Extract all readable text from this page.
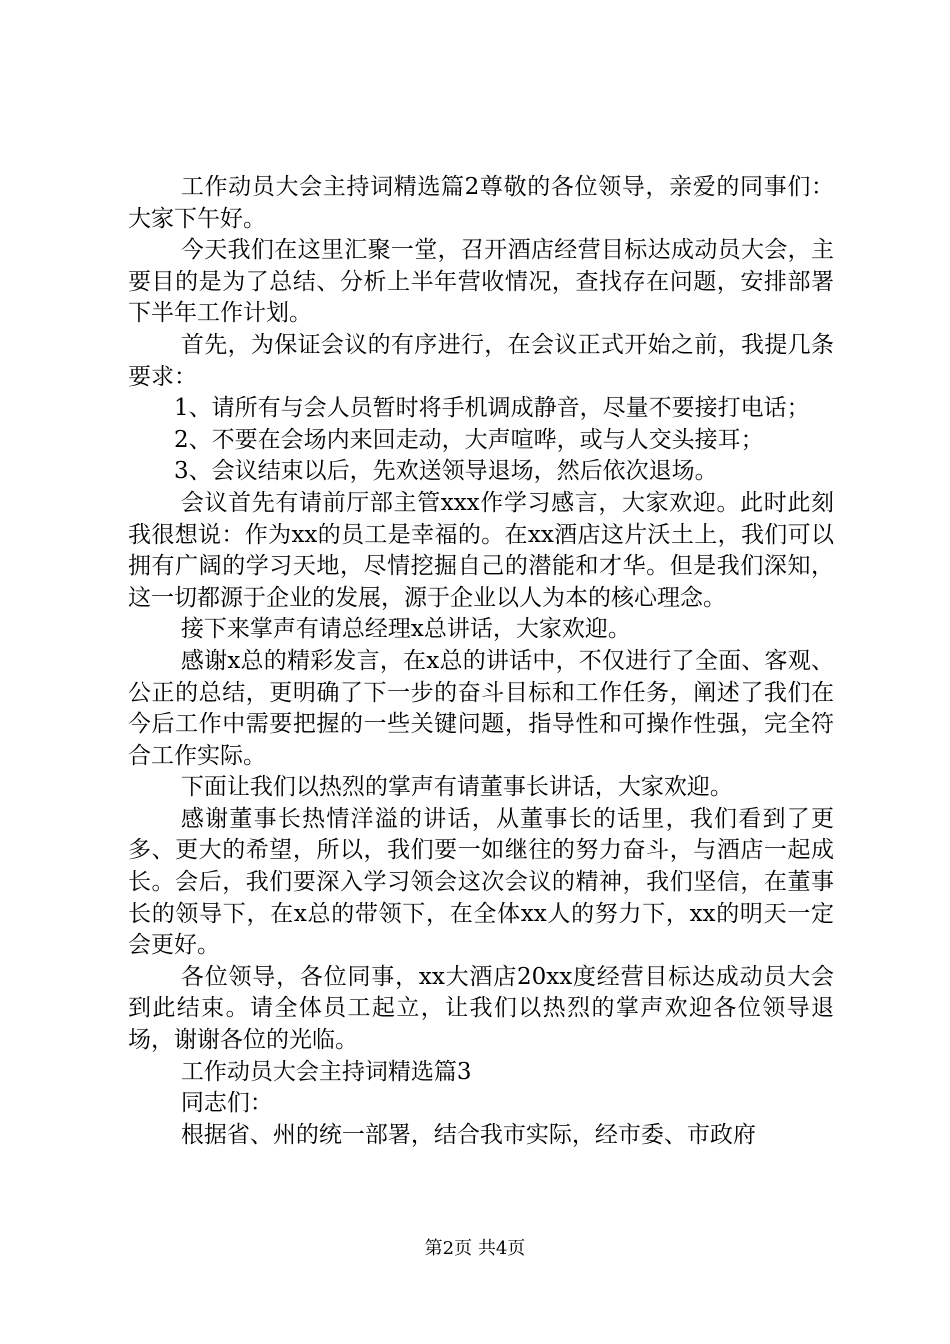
工作动员大会主持词精选篇2尊敬的各位领导，亲爱的同事们：大家下午好。

今天我们在这里汇聚一堂，召开酒店经营目标达成动员大会，主要目的是为了总结、分析上半年营收情况，查找存在问题，安排部署下半年工作计划。

首先，为保证会议的有序进行，在会议正式开始之前，我提几条要求：

1、请所有与会人员暂时将手机调成静音，尽量不要接打电话；

2、不要在会场内来回走动，大声喧哗，或与人交头接耳；

3、会议结束以后，先欢送领导退场，然后依次退场。

会议首先有请前厅部主管xxx作学习感言，大家欢迎。此时此刻我很想说：作为xx的员工是幸福的。在xx酒店这片沃土上，我们可以拥有广阔的学习天地，尽情挖掘自己的潜能和才华。但是我们深知，这一切都源于企业的发展，源于企业以人为本的核心理念。

接下来掌声有请总经理x总讲话，大家欢迎。

感谢x总的精彩发言，在x总的讲话中，不仅进行了全面、客观、公正的总结，更明确了下一步的奋斗目标和工作任务，阐述了我们在今后工作中需要把握的一些关键问题，指导性和可操作性强，完全符合工作实际。

下面让我们以热烈的掌声有请董事长讲话，大家欢迎。

感谢董事长热情洋溢的讲话，从董事长的话里，我们看到了更多、更大的希望，所以，我们要一如继往的努力奋斗，与酒店一起成长。会后，我们要深入学习领会这次会议的精神，我们坚信，在董事长的领导下，在x总的带领下，在全体xx人的努力下，xx的明天一定会更好。

各位领导，各位同事，xx大酒店20xx度经营目标达成动员大会到此结束。请全体员工起立，让我们以热烈的掌声欢迎各位领导退场，谢谢各位的光临。

工作动员大会主持词精选篇3

同志们：

根据省、州的统一部署，结合我市实际，经市委、市政府

第2页 共4页
